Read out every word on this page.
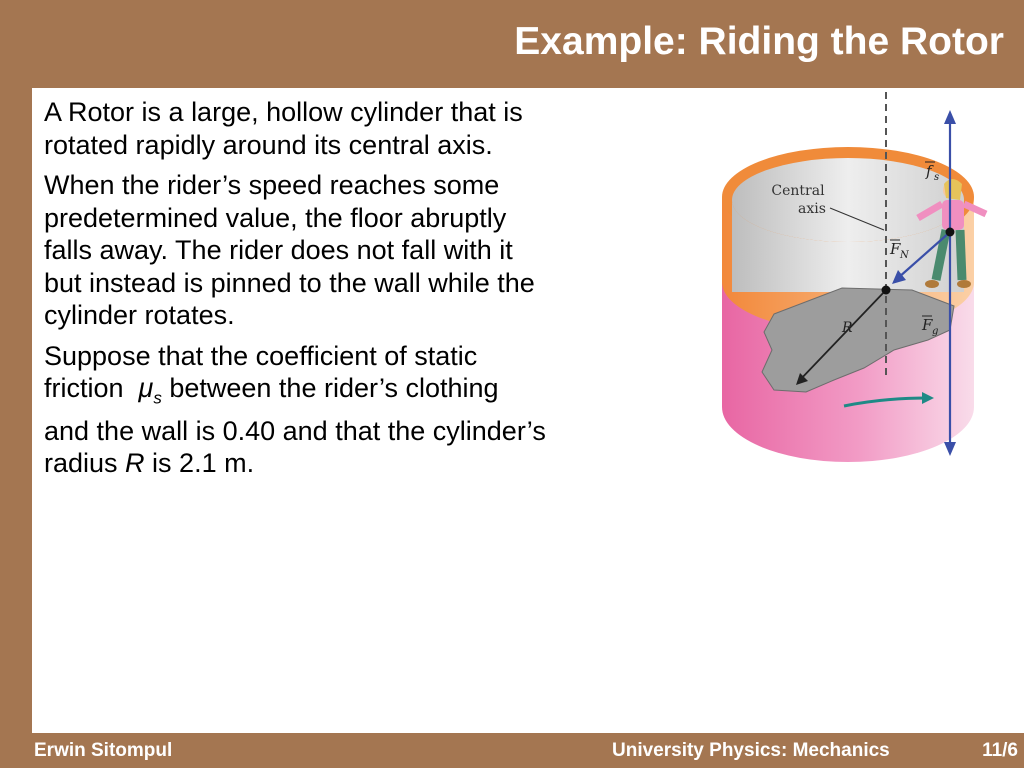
Example: Riding the Rotor

A Rotor is a large, hollow cylinder that is
rotated rapidly around its central axis.

When the rider’s speed reaches some
predetermined value, the floor abruptly
falls away. The rider does not fall with it
but instead is pinned to the wall while the
cylinder rotates.

Suppose that the coefficient of static
friction $\mu_s$ between the rider’s clothing
and the wall is 0.40 and that the cylinder’s
radius R is 2.1 m.

Central
axis
R
f s
F N
F g
Erwin Sitompul	University Physics: Mechanics	11/6
